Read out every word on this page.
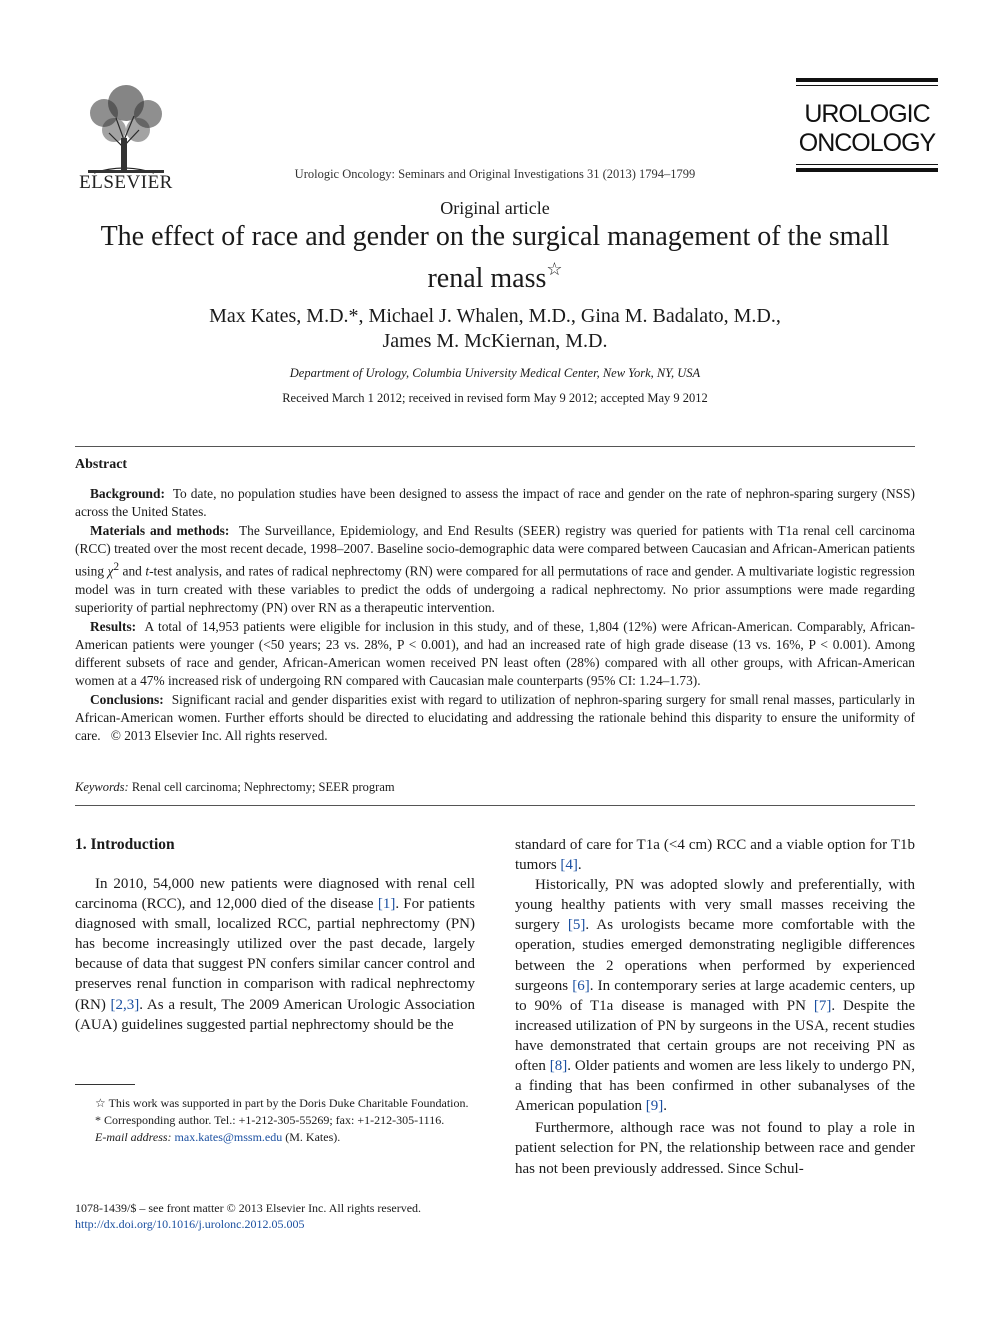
ELSEVIER	Urologic Oncology: Seminars and Original Investigations 31 (2013) 1794–1799
UROLOGIC
ONCOLOGY
Original article
The effect of race and gender on the surgical management of the small renal mass☆
Max Kates, M.D.*, Michael J. Whalen, M.D., Gina M. Badalato, M.D.,
James M. McKiernan, M.D.
Department of Urology, Columbia University Medical Center, New York, NY, USA
Received March 1 2012; received in revised form May 9 2012; accepted May 9 2012
Abstract

Background: To date, no population studies have been designed to assess the impact of race and gender on the rate of nephron-sparing surgery (NSS) across the United States.

Materials and methods: The Surveillance, Epidemiology, and End Results (SEER) registry was queried for patients with T1a renal cell carcinoma (RCC) treated over the most recent decade, 1998–2007. Baseline socio-demographic data were compared between Caucasian and African-American patients using $\chi^2$ and t-test analysis, and rates of radical nephrectomy (RN) were compared for all permutations of race and gender. A multivariate logistic regression model was in turn created with these variables to predict the odds of undergoing a radical nephrectomy. No prior assumptions were made regarding superiority of partial nephrectomy (PN) over RN as a therapeutic intervention.

Results: A total of 14,953 patients were eligible for inclusion in this study, and of these, 1,804 (12%) were African-American. Comparably, African-American patients were younger (<50 years; 23 vs. 28%, P < 0.001), and had an increased rate of high grade disease (13 vs. 16%, P < 0.001). Among different subsets of race and gender, African-American women received PN least often (28%) compared with all other groups, with African-American women at a 47% increased risk of undergoing RN compared with Caucasian male counterparts (95% CI: 1.24–1.73).

Conclusions: Significant racial and gender disparities exist with regard to utilization of nephron-sparing surgery for small renal masses, particularly in African-American women. Further efforts should be directed to elucidating and addressing the rationale behind this disparity to ensure the uniformity of care. © 2013 Elsevier Inc. All rights reserved.

Keywords: Renal cell carcinoma; Nephrectomy; SEER program
1. Introduction

In 2010, 54,000 new patients were diagnosed with renal cell carcinoma (RCC), and 12,000 died of the disease [1]. For patients diagnosed with small, localized RCC, partial nephrectomy (PN) has become increasingly utilized over the past decade, largely because of data that suggest PN confers similar cancer control and preserves renal function in comparison with radical nephrectomy (RN) [2,3]. As a result, The 2009 American Urologic Association (AUA) guidelines suggested partial nephrectomy should be the

☆ This work was supported in part by the Doris Duke Charitable Foundation.

* Corresponding author. Tel.: +1-212-305-55269; fax: +1-212-305-1116.

E-mail address: max.kates@mssm.edu (M. Kates).

1078-1439/$ – see front matter © 2013 Elsevier Inc. All rights reserved.
http://dx.doi.org/10.1016/j.urolonc.2012.05.005

standard of care for T1a (<4 cm) RCC and a viable option for T1b tumors [4].

Historically, PN was adopted slowly and preferentially, with young healthy patients with very small masses receiving the surgery [5]. As urologists became more comfortable with the operation, studies emerged demonstrating negligible differences between the 2 operations when performed by experienced surgeons [6]. In contemporary series at large academic centers, up to 90% of T1a disease is managed with PN [7]. Despite the increased utilization of PN by surgeons in the USA, recent studies have demonstrated that certain groups are not receiving PN as often [8]. Older patients and women are less likely to undergo PN, a finding that has been confirmed in other subanalyses of the American population [9].

Furthermore, although race was not found to play a role in patient selection for PN, the relationship between race and gender has not been previously addressed. Since Schul-
